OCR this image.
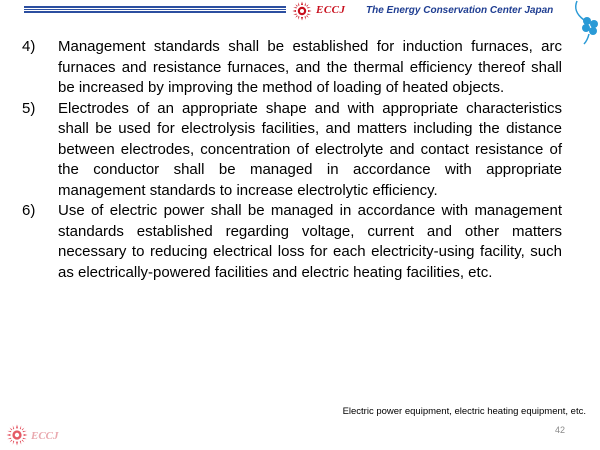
ECCJ The Energy Conservation Center Japan
4)	Management standards shall be established for induction furnaces, arc furnaces and resistance furnaces, and the thermal efficiency thereof shall be increased by improving the method of loading of heated objects.
5)	Electrodes of an appropriate shape and with appropriate characteristics shall be used for electrolysis facilities, and matters including the distance between electrodes, concentration of electrolyte and contact resistance of the conductor shall be managed in accordance with appropriate management standards to increase electrolytic efficiency.
6)	Use of electric power shall be managed in accordance with management standards established regarding voltage, current and other matters necessary to reducing electrical loss for each electricity-using facility, such as electrically-powered facilities and electric heating facilities, etc.
Electric power equipment, electric heating equipment, etc.
42
ECCJ
